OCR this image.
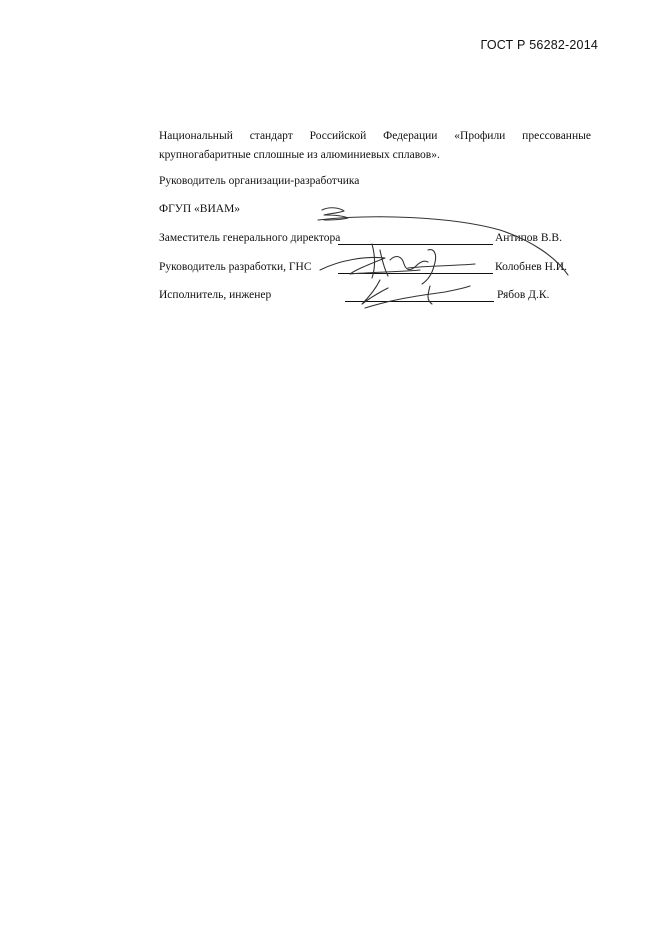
ГОСТ Р 56282-2014
Национальный стандарт Российской Федерации «Профили прессованные
крупногабаритные сплошные из алюминиевых сплавов».
Руководитель организации-разработчика
ФГУП «ВИАМ»
Заместитель генерального директора	Антипов В.В.
Руководитель разработки, ГНС	Колобнев Н.И.
Исполнитель, инженер	Рябов Д.К.
